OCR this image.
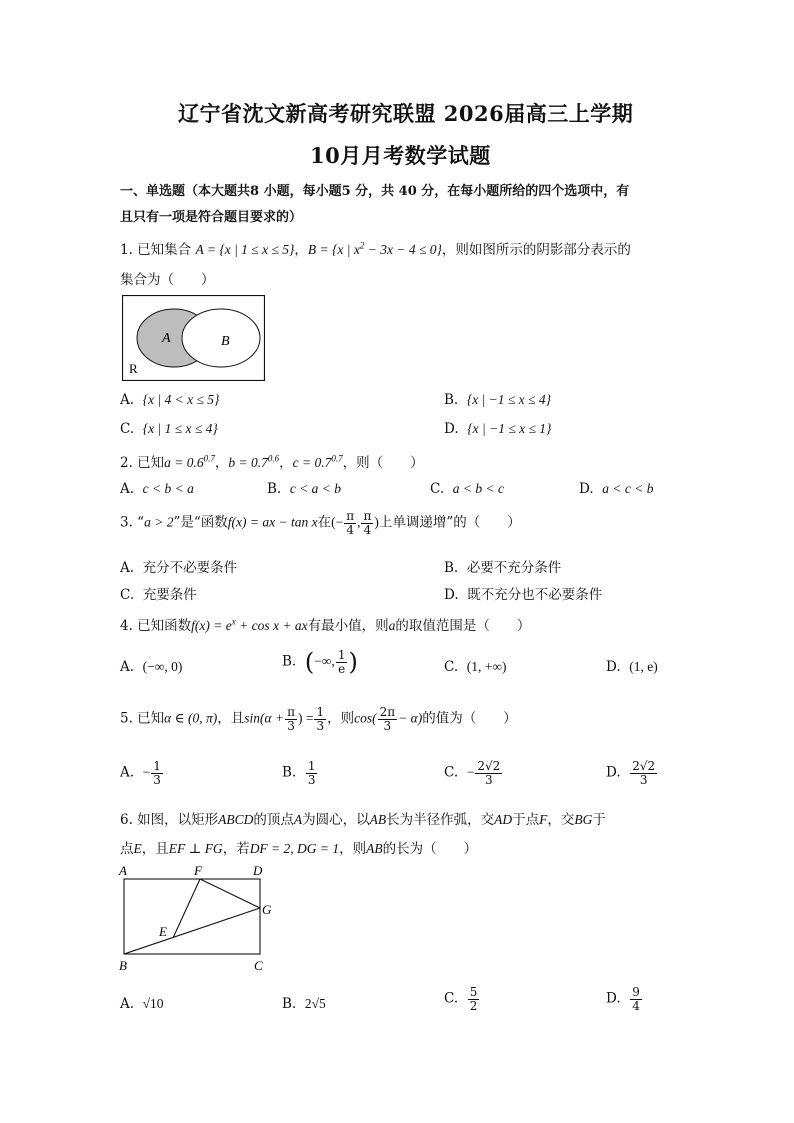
辽宁省沈文新高考研究联盟 2026届高三上学期
10月月考数学试题
一、单选题（本大题共8 小题，每小题5 分，共 40 分，在每小题所给的四个选项中，有
且只有一项是符合题目要求的）
1. 已知集合 A = {x | 1 ≤ x ≤ 5}，B = {x | $x^2 - 3x - 4 \le 0$}，则如图所示的阴影部分表示的
集合为（　　）
A	B
R
A. {x | 4 < x ≤ 5}	B. {x | −1 ≤ x ≤ 4}
C. {x | 1 ≤ x ≤ 4}	D. {x | −1 ≤ x ≤ 1}
2. 已知$a = 0.6^{0.7}$，$b = 0.7^{0.6}$，$c = 0.7^{0.7}$，则（　　）
A. c < b < a	B. c < a < b	C. a < b < c	D. a < c < b
3. “a > 2”是“函数f(x) = ax − tan x在(− $\frac{\pi}{4}$ , $\frac{\pi}{4}$ )上单调递增”的（　　）
A. 充分不必要条件	B. 必要不充分条件
C. 充要条件	D. 既不充分也不必要条件
4. 已知函数$f(x) = e^x + \cos x$ + ax有最小值，则a的取值范围是（　　）
A. (−∞, 0)	B. (−∞, $\frac{1}{e}$ )	C. (1, +∞)	D. (1, e)
5. 已知α ∈ (0, π)，且$\sin(\alpha + \frac{\pi}{3}$ ) = $\frac{1}{3}$ ，则$\cos( \frac{2\pi}{3} - \alpha)$的值为（　　）
A. − $\frac{1}{3}$	B. $\frac{1}{3}$	C. − $\frac{2√2}{3}$	D. $\frac{2√2}{3}$
6. 如图，以矩形ABCD的顶点A为圆心，以AB长为半径作弧，交AD于点F，交BG于
点E，且EF ⊥ FG，若DF = 2, DG = 1，则AB的长为（　　）
A	F	D
G
E
B	C
A. √10	B. 2√5	C. $\frac{5}{2}$	D. $\frac{9}{4}$
